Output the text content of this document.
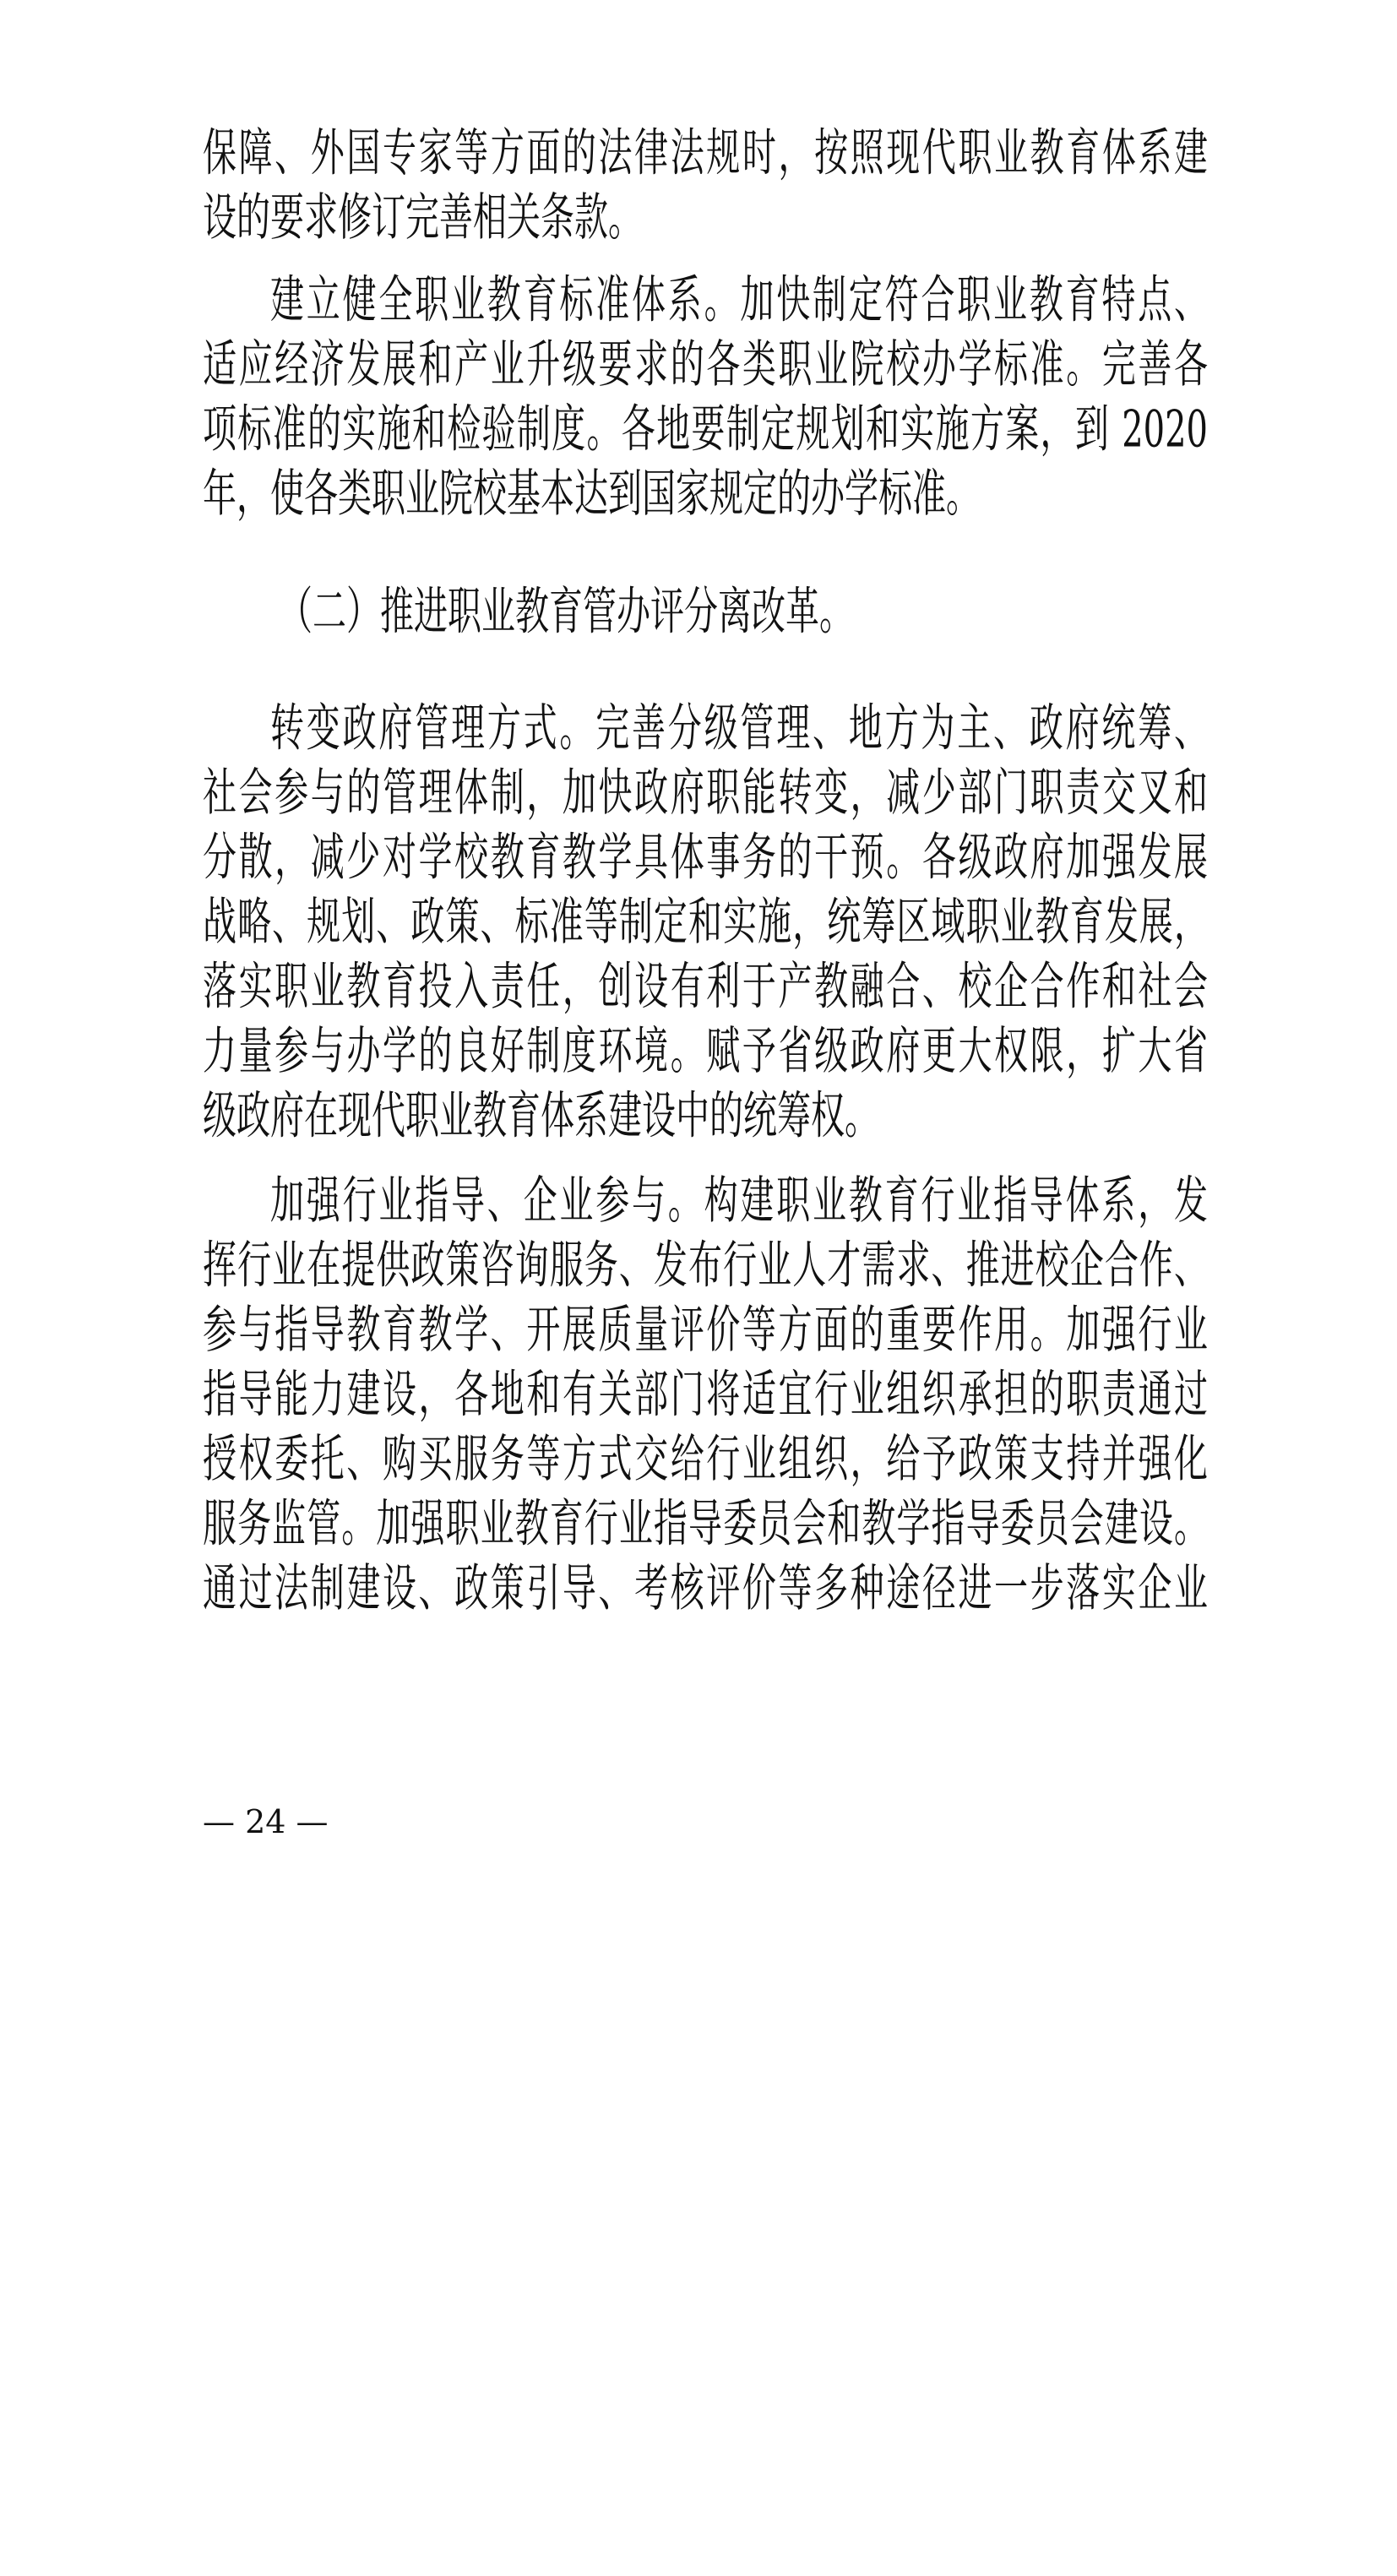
保障、外国专家等方面的法律法规时，按照现代职业教育体系建
设的要求修订完善相关条款。
建立健全职业教育标准体系。加快制定符合职业教育特点、
适应经济发展和产业升级要求的各类职业院校办学标准。完善各
项标准的实施和检验制度。各地要制定规划和实施方案，到 2020
年，使各类职业院校基本达到国家规定的办学标准。
（二）推进职业教育管办评分离改革。
转变政府管理方式。完善分级管理、地方为主、政府统筹、
社会参与的管理体制，加快政府职能转变，减少部门职责交叉和
分散，减少对学校教育教学具体事务的干预。各级政府加强发展
战略、规划、政策、标准等制定和实施，统筹区域职业教育发展，
落实职业教育投入责任，创设有利于产教融合、校企合作和社会
力量参与办学的良好制度环境。赋予省级政府更大权限，扩大省
级政府在现代职业教育体系建设中的统筹权。
加强行业指导、企业参与。构建职业教育行业指导体系，发
挥行业在提供政策咨询服务、发布行业人才需求、推进校企合作、
参与指导教育教学、开展质量评价等方面的重要作用。加强行业
指导能力建设，各地和有关部门将适宜行业组织承担的职责通过
授权委托、购买服务等方式交给行业组织，给予政策支持并强化
服务监管。加强职业教育行业指导委员会和教学指导委员会建设。
通过法制建设、政策引导、考核评价等多种途径进一步落实企业
— 24 —
